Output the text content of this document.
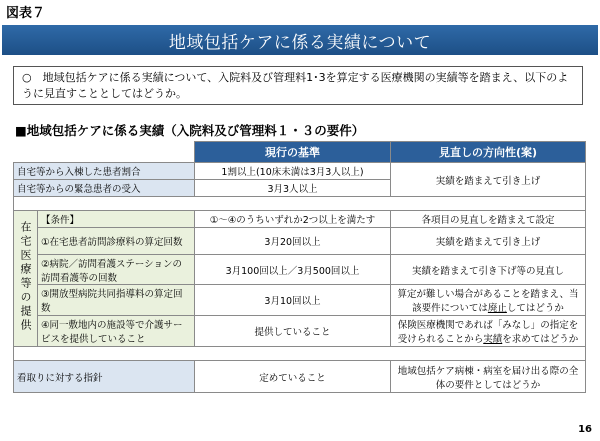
図表７
地域包括ケアに係る実績について
○　地域包括ケアに係る実績について、入院料及び管理料1･3を算定する医療機関の実績等を踏まえ、以下のように見直すこととしてはどうか。
■地域包括ケアに係る実績（入院料及び管理料１・３の要件）
		現行の基準	見直しの方向性(案)
自宅等から入棟した患者割合		1割以上(10床未満は3月3人以上)	実績を踏まえて引き上げ
自宅等からの緊急患者の受入		3月3人以上	

在宅医療等の提供	【条件】	①～④のうちいずれか2つ以上を満たす	各項目の見直しを踏まえて設定
	①在宅患者訪問診療料の算定回数	3月20回以上	実績を踏まえて引き上げ
	②病院／訪問看護ステーションの訪問看護等の回数	3月100回以上／3月500回以上	実績を踏まえて引き下げ等の見直し
	③開放型病院共同指導料の算定回数	3月10回以上	算定が難しい場合があることを踏まえ、当該要件については廃止してはどうか
	④同一敷地内の施設等で介護サービスを提供していること	提供していること	保険医療機関であれば「みなし」の指定を受けられることから実績を求めてはどうか

看取りに対する指針		定めていること	地域包括ケア病棟・病室を届け出る際の全体の要件としてはどうか
16
